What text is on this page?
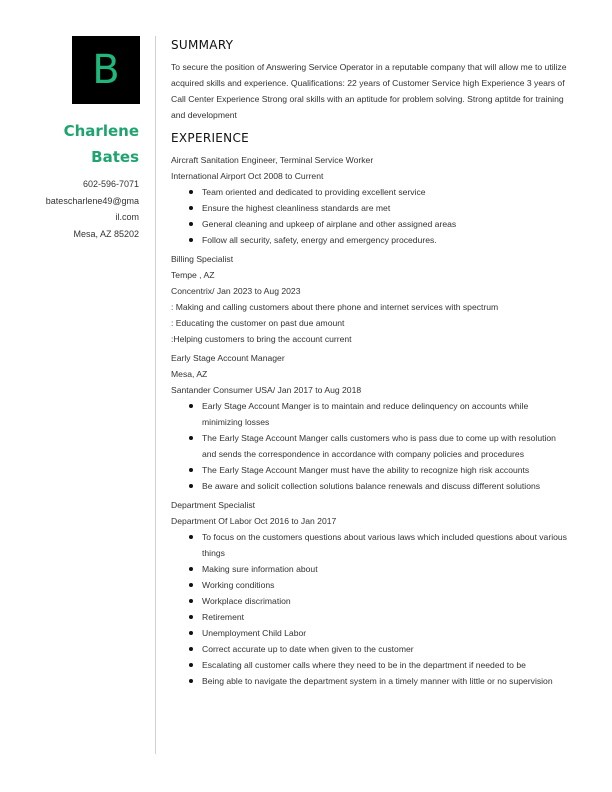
B
Charlene
Bates
602-596-7071
batescharlene49@gma
il.com
Mesa, AZ 85202
SUMMARY
To secure the position of Answering Service Operator in a reputable company that will allow me to utilize acquired skills and experience. Qualifications: 22 years of Customer Service high Experience 3 years of Call Center Experience Strong oral skills with an aptitude for problem solving. Strong aptitde for training and development
EXPERIENCE
Aircraft Sanitation Engineer, Terminal Service Worker
International Airport Oct 2008 to Current
Team oriented and dedicated to providing excellent service
Ensure the highest cleanliness standards are met
General cleaning and upkeep of airplane and other assigned areas
Follow all security, safety, energy and emergency procedures.
Billing Specialist
Tempe , AZ
Concentrix/ Jan 2023 to Aug 2023
: Making and calling customers about there phone and internet services with spectrum
: Educating the customer on past due amount
:Helping customers to bring the account current
Early Stage Account Manager
Mesa, AZ
Santander Consumer USA/ Jan 2017 to Aug 2018
Early Stage Account Manger is to maintain and reduce delinquency on accounts while minimizing losses
The Early Stage Account Manger calls customers who is pass due to come up with resolution and sends the correspondence in accordance with company policies and procedures
The Early Stage Account Manger must have the ability to recognize high risk accounts
Be aware and solicit collection solutions balance renewals and discuss different solutions
Department Specialist
Department Of Labor Oct 2016 to Jan 2017
To focus on the customers questions about various laws which included questions about various things
Making sure information about
Working conditions
Workplace discrimation
Retirement
Unemployment Child Labor
Correct accurate up to date when given to the customer
Escalating all customer calls where they need to be in the department if needed to be
Being able to navigate the department system in a timely manner with little or no supervision
